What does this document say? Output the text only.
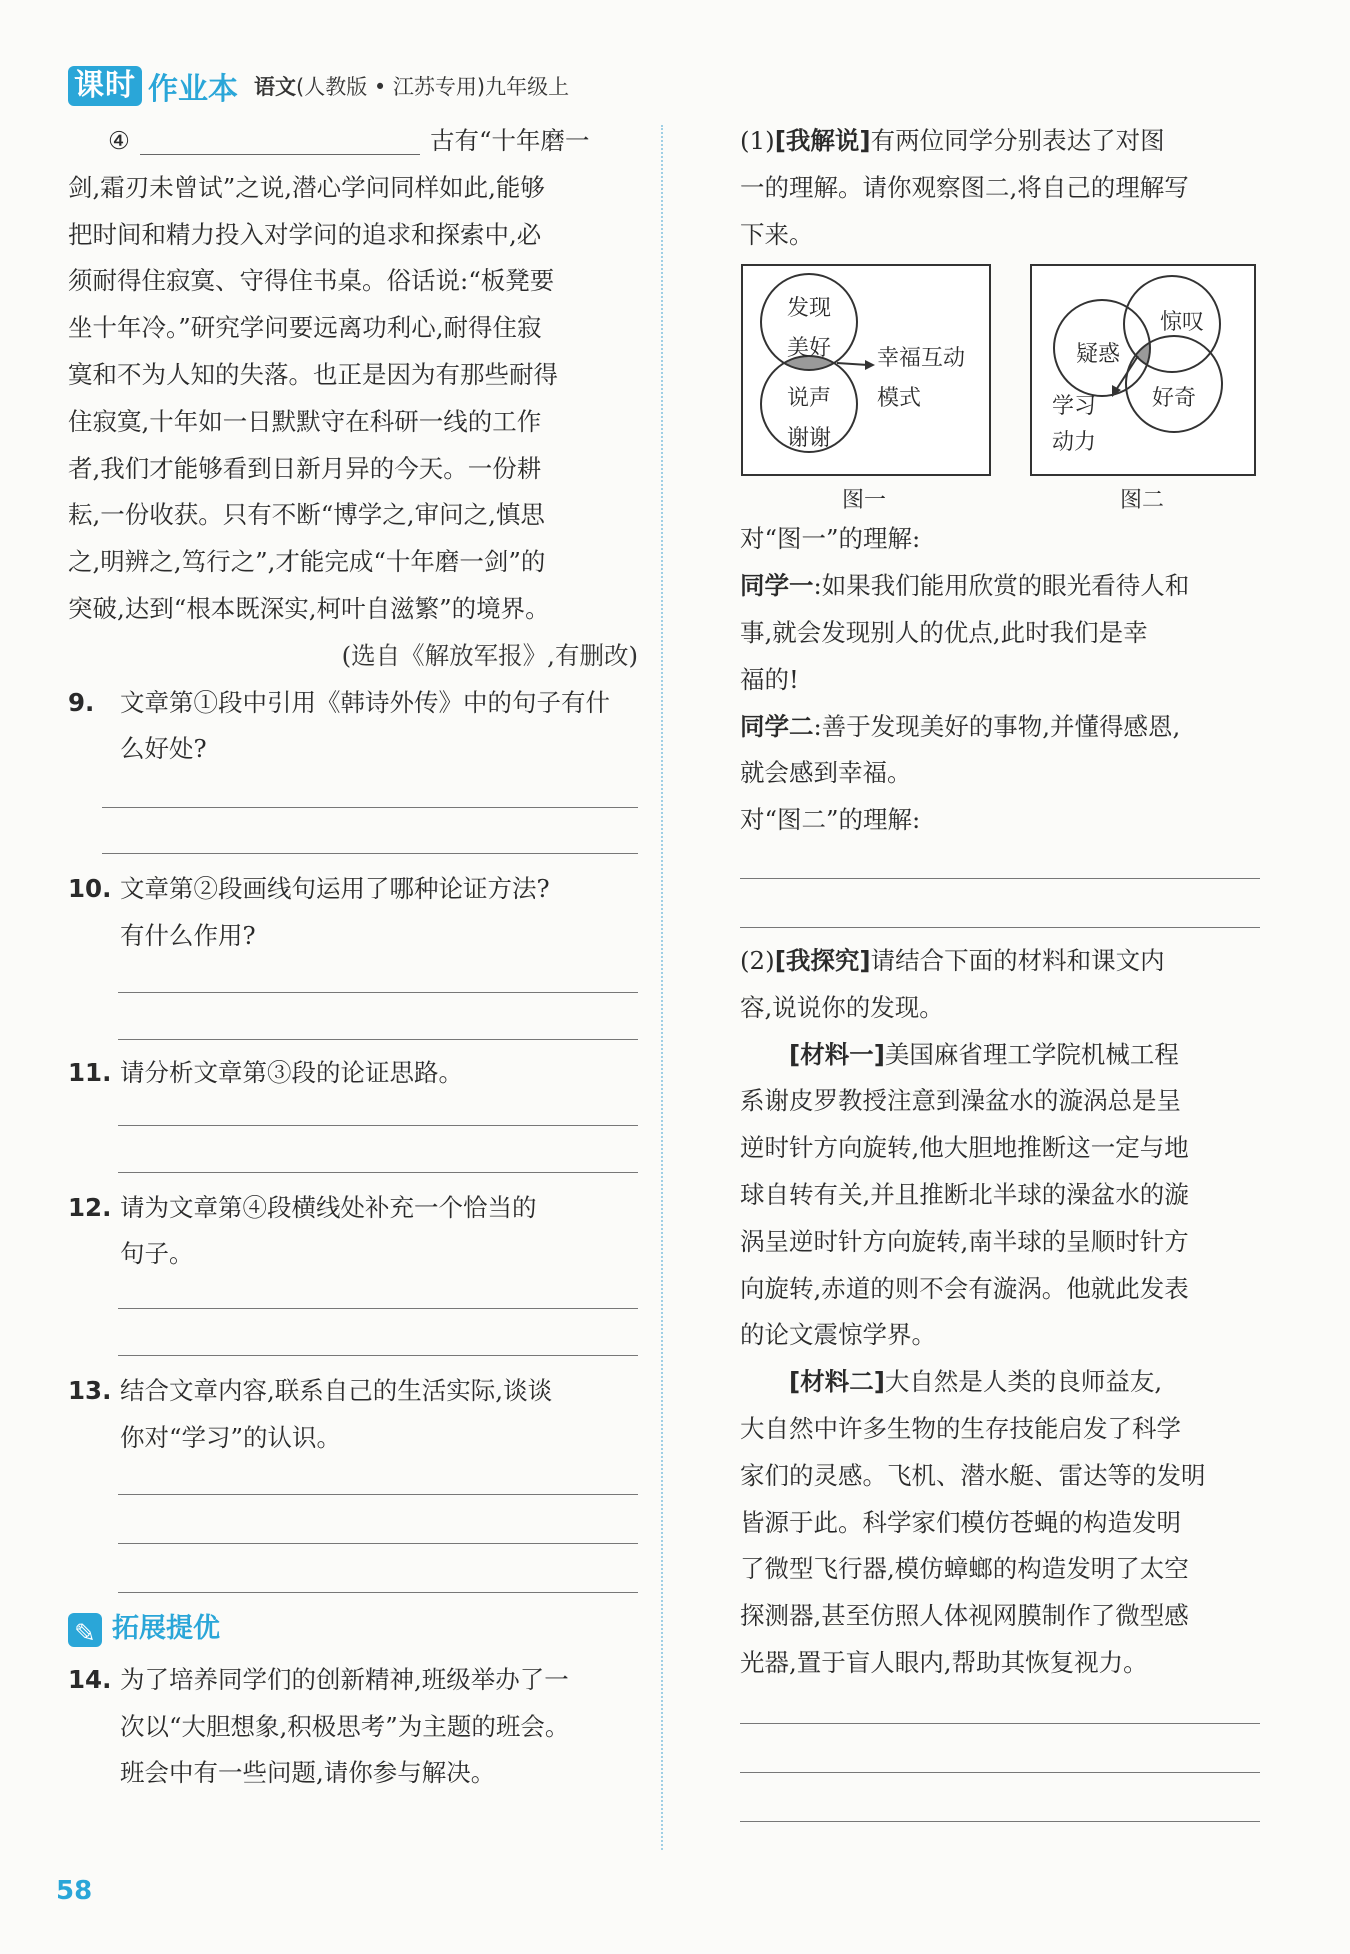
课时 作业本 语文(人教版 • 江苏专用)九年级上
④	古有“十年磨一
剑,霜刃未曾试”之说,潜心学问同样如此,能够
把时间和精力投入对学问的追求和探索中,必
须耐得住寂寞、守得住书桌。俗话说:“板凳要
坐十年冷。”研究学问要远离功利心,耐得住寂
寞和不为人知的失落。也正是因为有那些耐得
住寂寞,十年如一日默默守在科研一线的工作
者,我们才能够看到日新月异的今天。一份耕
耘,一份收获。只有不断“博学之,审问之,慎思
之,明辨之,笃行之”,才能完成“十年磨一剑”的
突破,达到“根本既深实,柯叶自滋繁”的境界。
(选自《解放军报》,有删改)
9.	文章第①段中引用《韩诗外传》中的句子有什
么好处?
10. 文章第②段画线句运用了哪种论证方法?
有什么作用?
11. 请分析文章第③段的论证思路。
12. 请为文章第④段横线处补充一个恰当的
句子。
13. 结合文章内容,联系自己的生活实际,谈谈
你对“学习”的认识。
✎
拓展提优
14. 为了培养同学们的创新精神,班级举办了一
次以“大胆想象,积极思考”为主题的班会。
班会中有一些问题,请你参与解决。
(1)[我解说]有两位同学分别表达了对图
一的理解。请你观察图二,将自己的理解写
下来。
发现
美好
说声
谢谢
幸福互动
模式
图一
疑惑
惊叹
好奇
学习
动力
图二
对“图一”的理解:
同学一:如果我们能用欣赏的眼光看待人和
事,就会发现别人的优点,此时我们是幸
福的!
同学二:善于发现美好的事物,并懂得感恩,
就会感到幸福。
对“图二”的理解:
(2)[我探究]请结合下面的材料和课文内
容,说说你的发现。
[材料一]美国麻省理工学院机械工程
系谢皮罗教授注意到澡盆水的漩涡总是呈
逆时针方向旋转,他大胆地推断这一定与地
球自转有关,并且推断北半球的澡盆水的漩
涡呈逆时针方向旋转,南半球的呈顺时针方
向旋转,赤道的则不会有漩涡。他就此发表
的论文震惊学界。
[材料二]大自然是人类的良师益友,
大自然中许多生物的生存技能启发了科学
家们的灵感。飞机、潜水艇、雷达等的发明
皆源于此。科学家们模仿苍蝇的构造发明
了微型飞行器,模仿蟑螂的构造发明了太空
探测器,甚至仿照人体视网膜制作了微型感
光器,置于盲人眼内,帮助其恢复视力。
58
